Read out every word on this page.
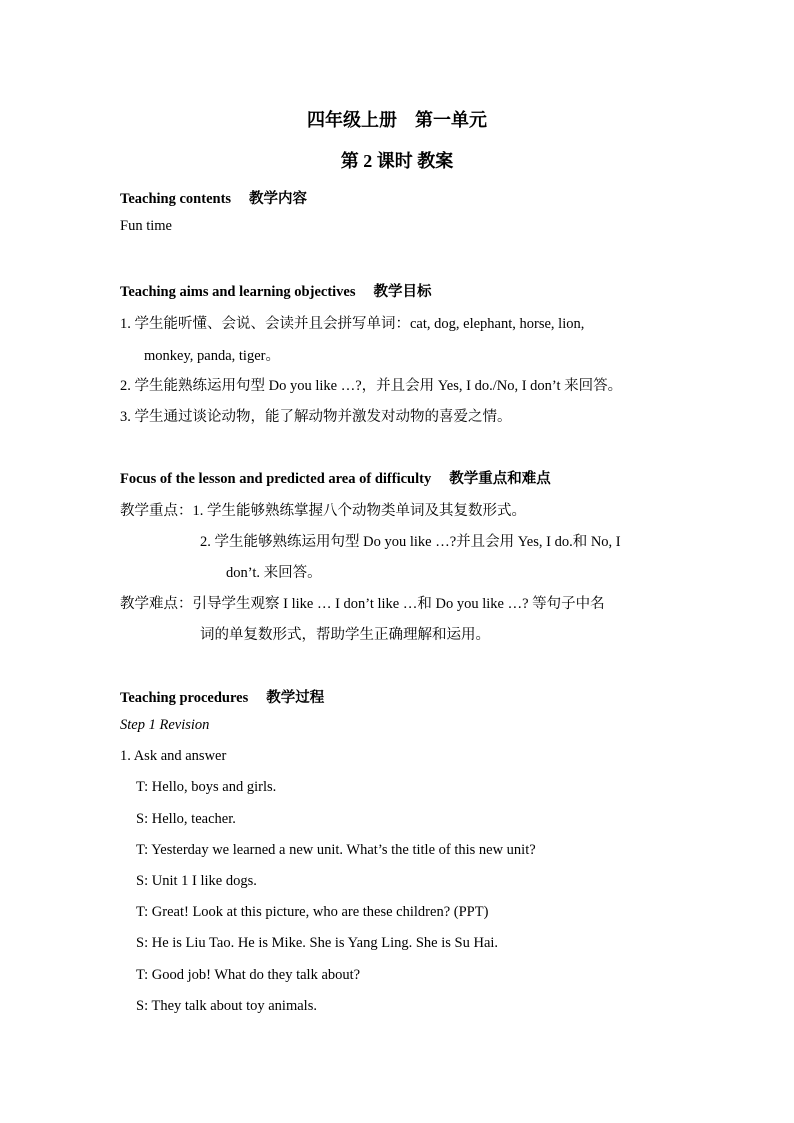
四年级上册　第一单元
第 2 课时 教案
Teaching contents 教学内容
Fun time
Teaching aims and learning objectives 教学目标
1. 学生能听懂、会说、会读并且会拼写单词：cat, dog, elephant, horse, lion,
monkey, panda, tiger。
2. 学生能熟练运用句型 Do you like …?，并且会用 Yes, I do./No, I don’t 来回答。
3. 学生通过谈论动物，能了解动物并激发对动物的喜爱之情。
Focus of the lesson and predicted area of difficulty 教学重点和难点
教学重点：1. 学生能够熟练掌握八个动物类单词及其复数形式。
2. 学生能够熟练运用句型 Do you like …?并且会用 Yes, I do.和 No, I
don’t. 来回答。
教学难点：引导学生观察 I like … I don’t like …和 Do you like …? 等句子中名
词的单复数形式，帮助学生正确理解和运用。
Teaching procedures 教学过程
Step 1 Revision
1. Ask and answer
T: Hello, boys and girls.
S: Hello, teacher.
T: Yesterday we learned a new unit. What’s the title of this new unit?
S: Unit 1 I like dogs.
T: Great! Look at this picture, who are these children? (PPT)
S: He is Liu Tao. He is Mike. She is Yang Ling. She is Su Hai.
T: Good job! What do they talk about?
S: They talk about toy animals.
